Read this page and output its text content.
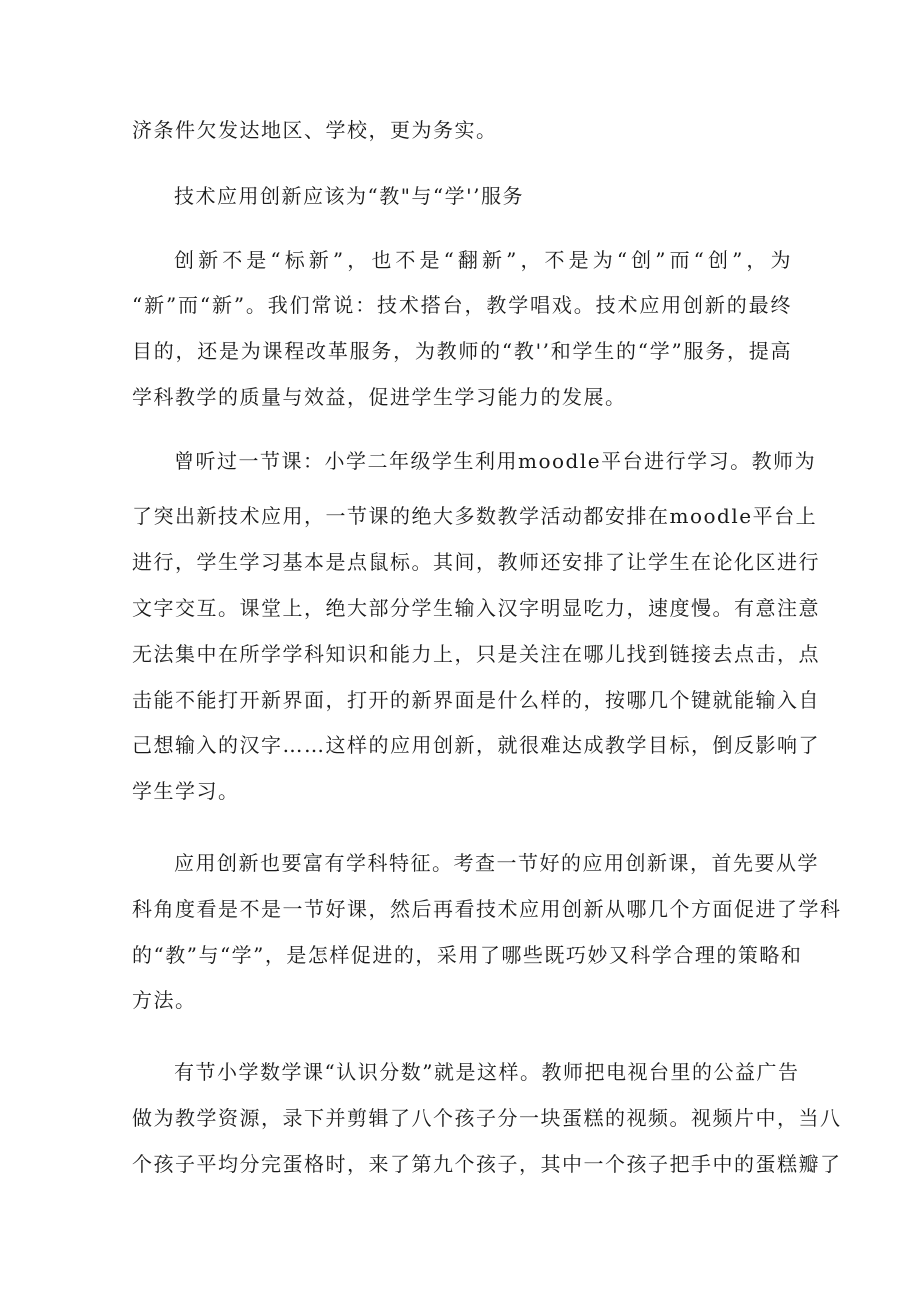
济条件欠发达地区、学校，更为务实。
技术应用创新应该为“教"与“学'’服务
创新不是“标新”，也不是“翻新”，不是为“创”而“创”，为
“新”而“新”。我们常说：技术搭台，教学唱戏。技术应用创新的最终
目的，还是为课程改革服务，为教师的“教'’和学生的“学”服务，提高
学科教学的质量与效益，促进学生学习能力的发展。
曾听过一节课：小学二年级学生利用moodle平台进行学习。教师为
了突出新技术应用，一节课的绝大多数教学活动都安排在moodle平台上
进行，学生学习基本是点鼠标。其间，教师还安排了让学生在论化区进行
文字交互。课堂上，绝大部分学生输入汉字明显吃力，速度慢。有意注意
无法集中在所学学科知识和能力上，只是关注在哪儿找到链接去点击，点
击能不能打开新界面，打开的新界面是什么样的，按哪几个键就能输入自
己想输入的汉字……这样的应用创新，就很难达成教学目标，倒反影响了
学生学习。
应用创新也要富有学科特征。考查一节好的应用创新课，首先要从学
科角度看是不是一节好课，然后再看技术应用创新从哪几个方面促进了学科
的“教”与“学”，是怎样促进的，采用了哪些既巧妙又科学合理的策略和
方法。
有节小学数学课“认识分数”就是这样。教师把电视台里的公益广告
做为教学资源，录下并剪辑了八个孩子分一块蛋糕的视频。视频片中，当八
个孩子平均分完蛋格时，来了第九个孩子，其中一个孩子把手中的蛋糕瓣了
